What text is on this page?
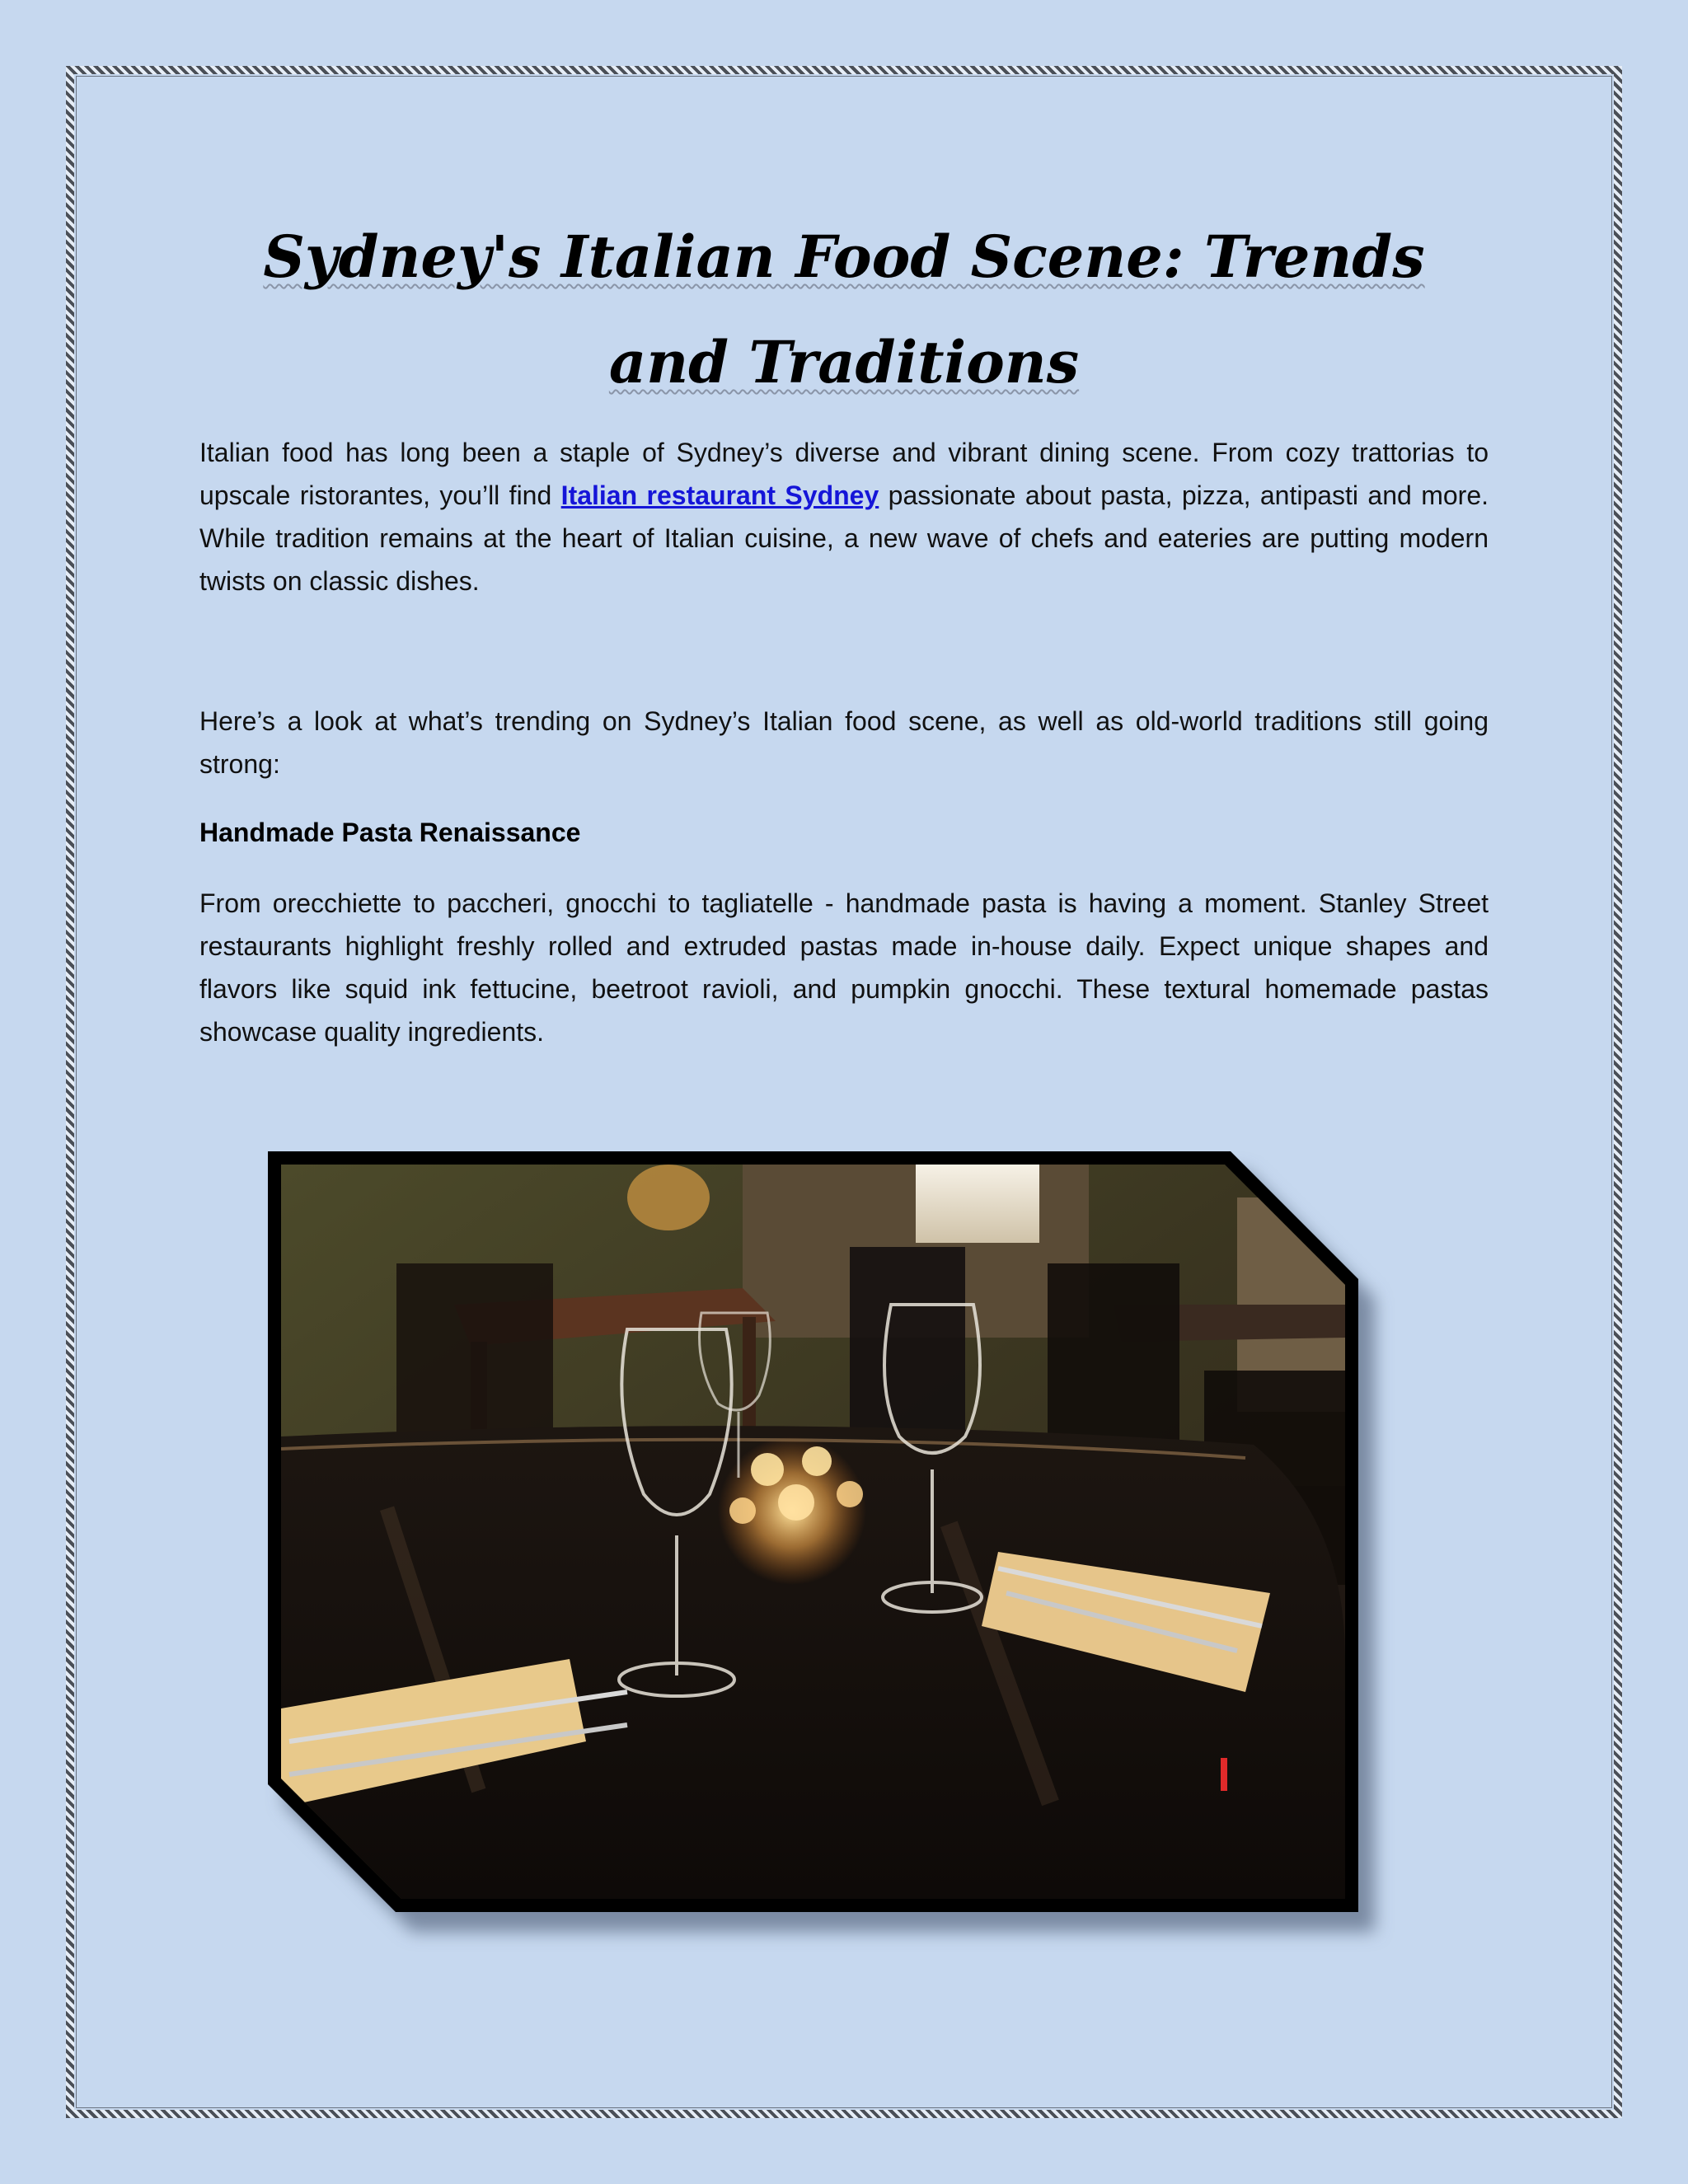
Sydney's Italian Food Scene: Trends and Traditions

Italian food has long been a staple of Sydney’s diverse and vibrant dining scene. From cozy trattorias to upscale ristorantes, you’ll find Italian restaurant Sydney passionate about pasta, pizza, antipasti and more. While tradition remains at the heart of Italian cuisine, a new wave of chefs and eateries are putting modern twists on classic dishes.

Here’s a look at what’s trending on Sydney’s Italian food scene, as well as old-world traditions still going strong:

Handmade Pasta Renaissance

From orecchiette to paccheri, gnocchi to tagliatelle - handmade pasta is having a moment. Stanley Street restaurants highlight freshly rolled and extruded pastas made in-house daily. Expect unique shapes and flavors like squid ink fettucine, beetroot ravioli, and pumpkin gnocchi. These textural homemade pastas showcase quality ingredients.
